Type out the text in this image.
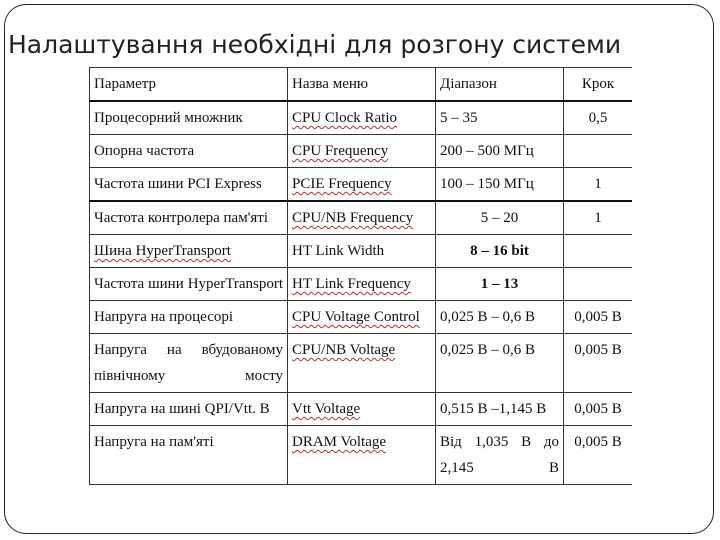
Налаштування необхідні для розгону системи
Параметр	Назва меню	Діапазон	Крок
Процесорний множник	CPU Clock Ratio	5 – 35	0,5
Опорна частота	CPU Frequency	200 – 500 МГц	
Частота шини PCI Express	PCIE Frequency	100 – 150 МГц	1
Частота контролера пам'яті	CPU/NB Frequency	5 – 20	1
Шина HyperTransport	HT Link Width	8 – 16 bit	
Частота шини HyperTransport	HT Link Frequency	1 – 13	
Напруга на процесорі	CPU Voltage Control	0,025 В – 0,6 В	0,005 В
Напруга на вбудованому північному мосту	CPU/NB Voltage	0,025 В – 0,6 В	0,005 В
Напруга на шині QPI/Vtt. В	Vtt Voltage	0,515 В –1,145 В	0,005 В
Напруга на пам'яті	DRAM Voltage	Від 1,035 В до 2,145 В	0,005 В
